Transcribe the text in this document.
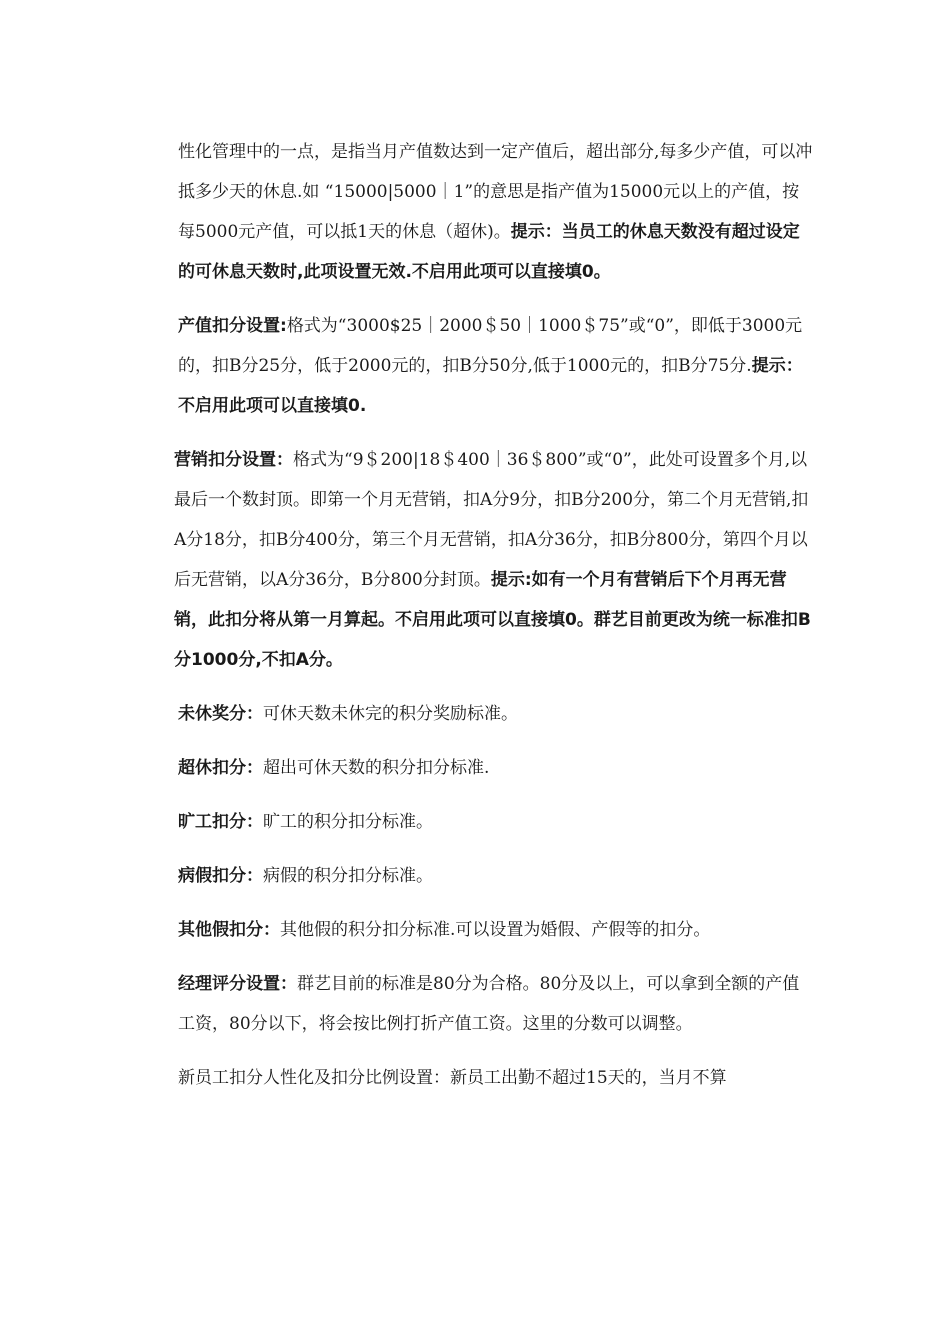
性化管理中的一点，是指当月产值数达到一定产值后，超出部分,每多少产值，可以冲抵多少天的休息.如 “15000|5000｜1”的意思是指产值为15000元以上的产值，按每5000元产值，可以抵1天的休息（超休)。提示：当员工的休息天数没有超过设定的可休息天数时,此项设置无效.不启用此项可以直接填0。

产值扣分设置:格式为“3000$25｜2000＄50｜1000＄75”或“0”，即低于3000元的，扣B分25分，低于2000元的，扣B分50分,低于1000元的，扣B分75分.提示：不启用此项可以直接填0.

营销扣分设置：格式为“9＄200|18＄400｜36＄800”或“0”，此处可设置多个月,以最后一个数封顶。即第一个月无营销，扣A分9分，扣B分200分，第二个月无营销,扣A分18分，扣B分400分，第三个月无营销，扣A分36分，扣B分800分，第四个月以后无营销，以A分36分，B分800分封顶。提示:如有一个月有营销后下个月再无营销，此扣分将从第一月算起。不启用此项可以直接填0。群艺目前更改为统一标准扣B分1000分,不扣A分。

未休奖分：可休天数未休完的积分奖励标准。

超休扣分：超出可休天数的积分扣分标准.

旷工扣分：旷工的积分扣分标准。

病假扣分：病假的积分扣分标准。

其他假扣分：其他假的积分扣分标准.可以设置为婚假、产假等的扣分。

经理评分设置：群艺目前的标准是80分为合格。80分及以上，可以拿到全额的产值工资，80分以下，将会按比例打折产值工资。这里的分数可以调整。

新员工扣分人性化及扣分比例设置：新员工出勤不超过15天的，当月不算
